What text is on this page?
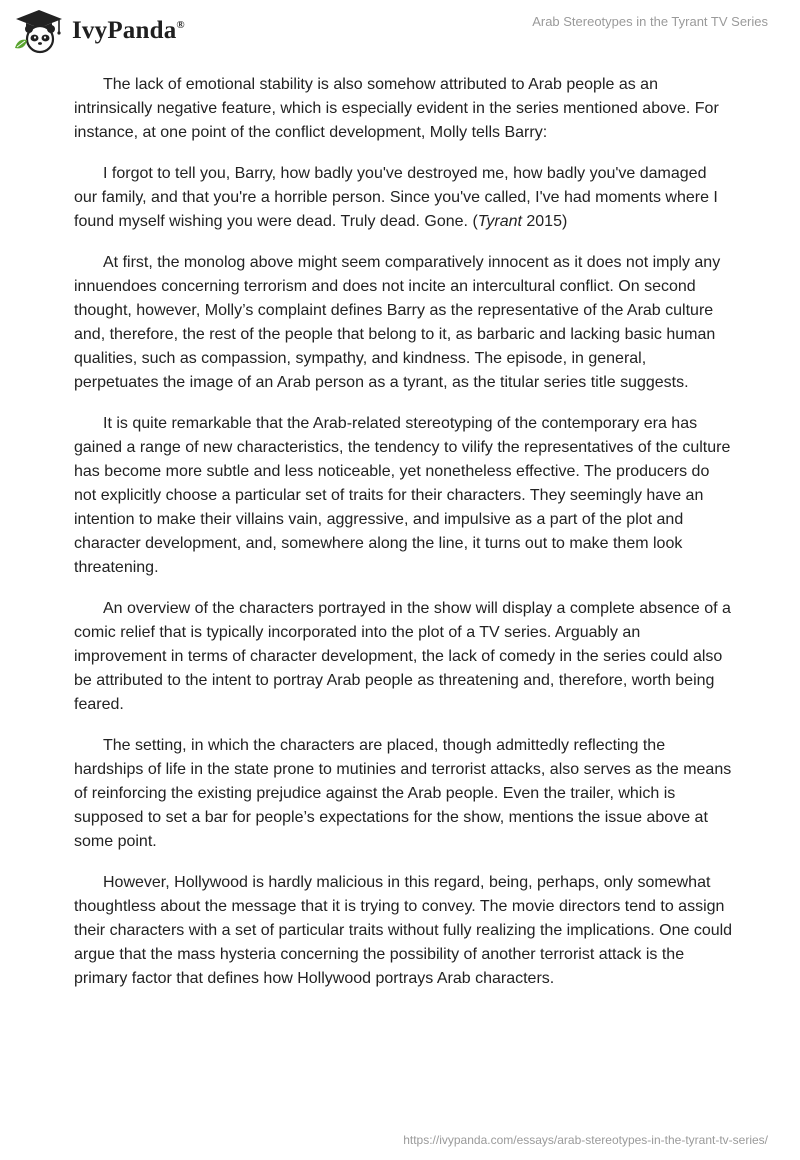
IvyPanda®	Arab Stereotypes in the Tyrant TV Series

The lack of emotional stability is also somehow attributed to Arab people as an intrinsically negative feature, which is especially evident in the series mentioned above. For instance, at one point of the conflict development, Molly tells Barry:

I forgot to tell you, Barry, how badly you've destroyed me, how badly you've damaged our family, and that you're a horrible person. Since you've called, I've had moments where I found myself wishing you were dead. Truly dead. Gone. (Tyrant 2015)

At first, the monolog above might seem comparatively innocent as it does not imply any innuendoes concerning terrorism and does not incite an intercultural conflict. On second thought, however, Molly’s complaint defines Barry as the representative of the Arab culture and, therefore, the rest of the people that belong to it, as barbaric and lacking basic human qualities, such as compassion, sympathy, and kindness. The episode, in general, perpetuates the image of an Arab person as a tyrant, as the titular series title suggests.

It is quite remarkable that the Arab-related stereotyping of the contemporary era has gained a range of new characteristics, the tendency to vilify the representatives of the culture has become more subtle and less noticeable, yet nonetheless effective. The producers do not explicitly choose a particular set of traits for their characters. They seemingly have an intention to make their villains vain, aggressive, and impulsive as a part of the plot and character development, and, somewhere along the line, it turns out to make them look threatening.

An overview of the characters portrayed in the show will display a complete absence of a comic relief that is typically incorporated into the plot of a TV series. Arguably an improvement in terms of character development, the lack of comedy in the series could also be attributed to the intent to portray Arab people as threatening and, therefore, worth being feared.

The setting, in which the characters are placed, though admittedly reflecting the hardships of life in the state prone to mutinies and terrorist attacks, also serves as the means of reinforcing the existing prejudice against the Arab people. Even the trailer, which is supposed to set a bar for people’s expectations for the show, mentions the issue above at some point.

However, Hollywood is hardly malicious in this regard, being, perhaps, only somewhat thoughtless about the message that it is trying to convey. The movie directors tend to assign their characters with a set of particular traits without fully realizing the implications. One could argue that the mass hysteria concerning the possibility of another terrorist attack is the primary factor that defines how Hollywood portrays Arab characters.

https://ivypanda.com/essays/arab-stereotypes-in-the-tyrant-tv-series/
